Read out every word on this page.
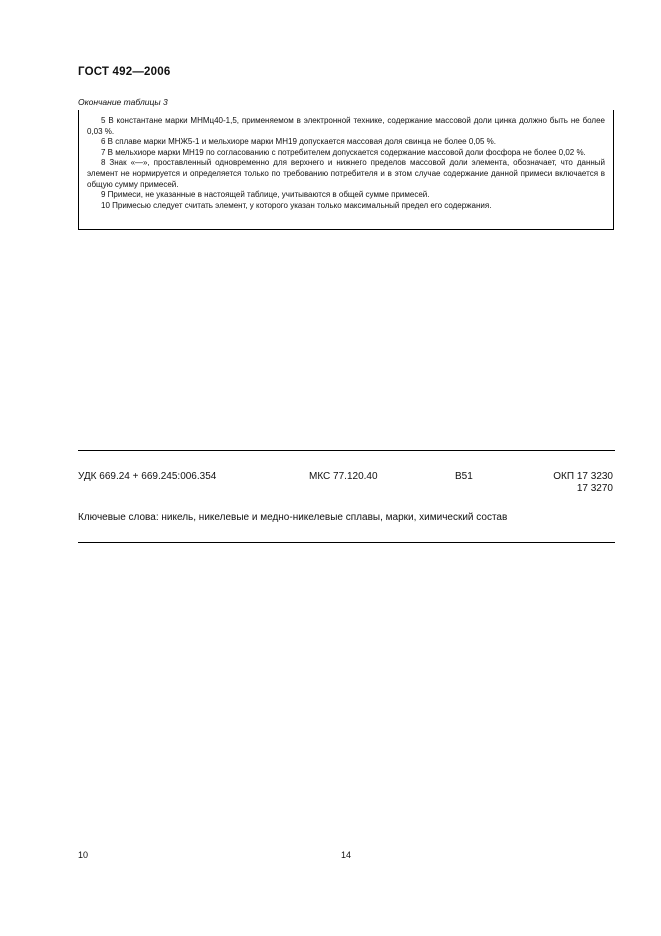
ГОСТ 492—2006
Окончание таблицы 3

5 В константане марки МНМц40-1,5, применяемом в электронной технике, содержание массовой доли цинка должно быть не более 0,03 %.

6 В сплаве марки МНЖ5-1 и мельхиоре марки МН19 допускается массовая доля свинца не более 0,05 %.

7 В мельхиоре марки МН19 по согласованию с потребителем допускается содержание массовой доли фосфора не более 0,02 %.

8 Знак «—», проставленный одновременно для верхнего и нижнего пределов массовой доли элемента, обозначает, что данный элемент не нормируется и определяется только по требованию потребителя и в этом случае содержание данной примеси включается в общую сумму примесей.

9 Примеси, не указанные в настоящей таблице, учитываются в общей сумме примесей.

10 Примесью следует считать элемент, у которого указан только максимальный предел его содержания.

УДК 669.24 + 669.245:006.354	МКС 77.120.40	В51	ОКП 17 3230
17 3270
Ключевые слова: никель, никелевые и медно-никелевые сплавы, марки, химический состав
10	14
